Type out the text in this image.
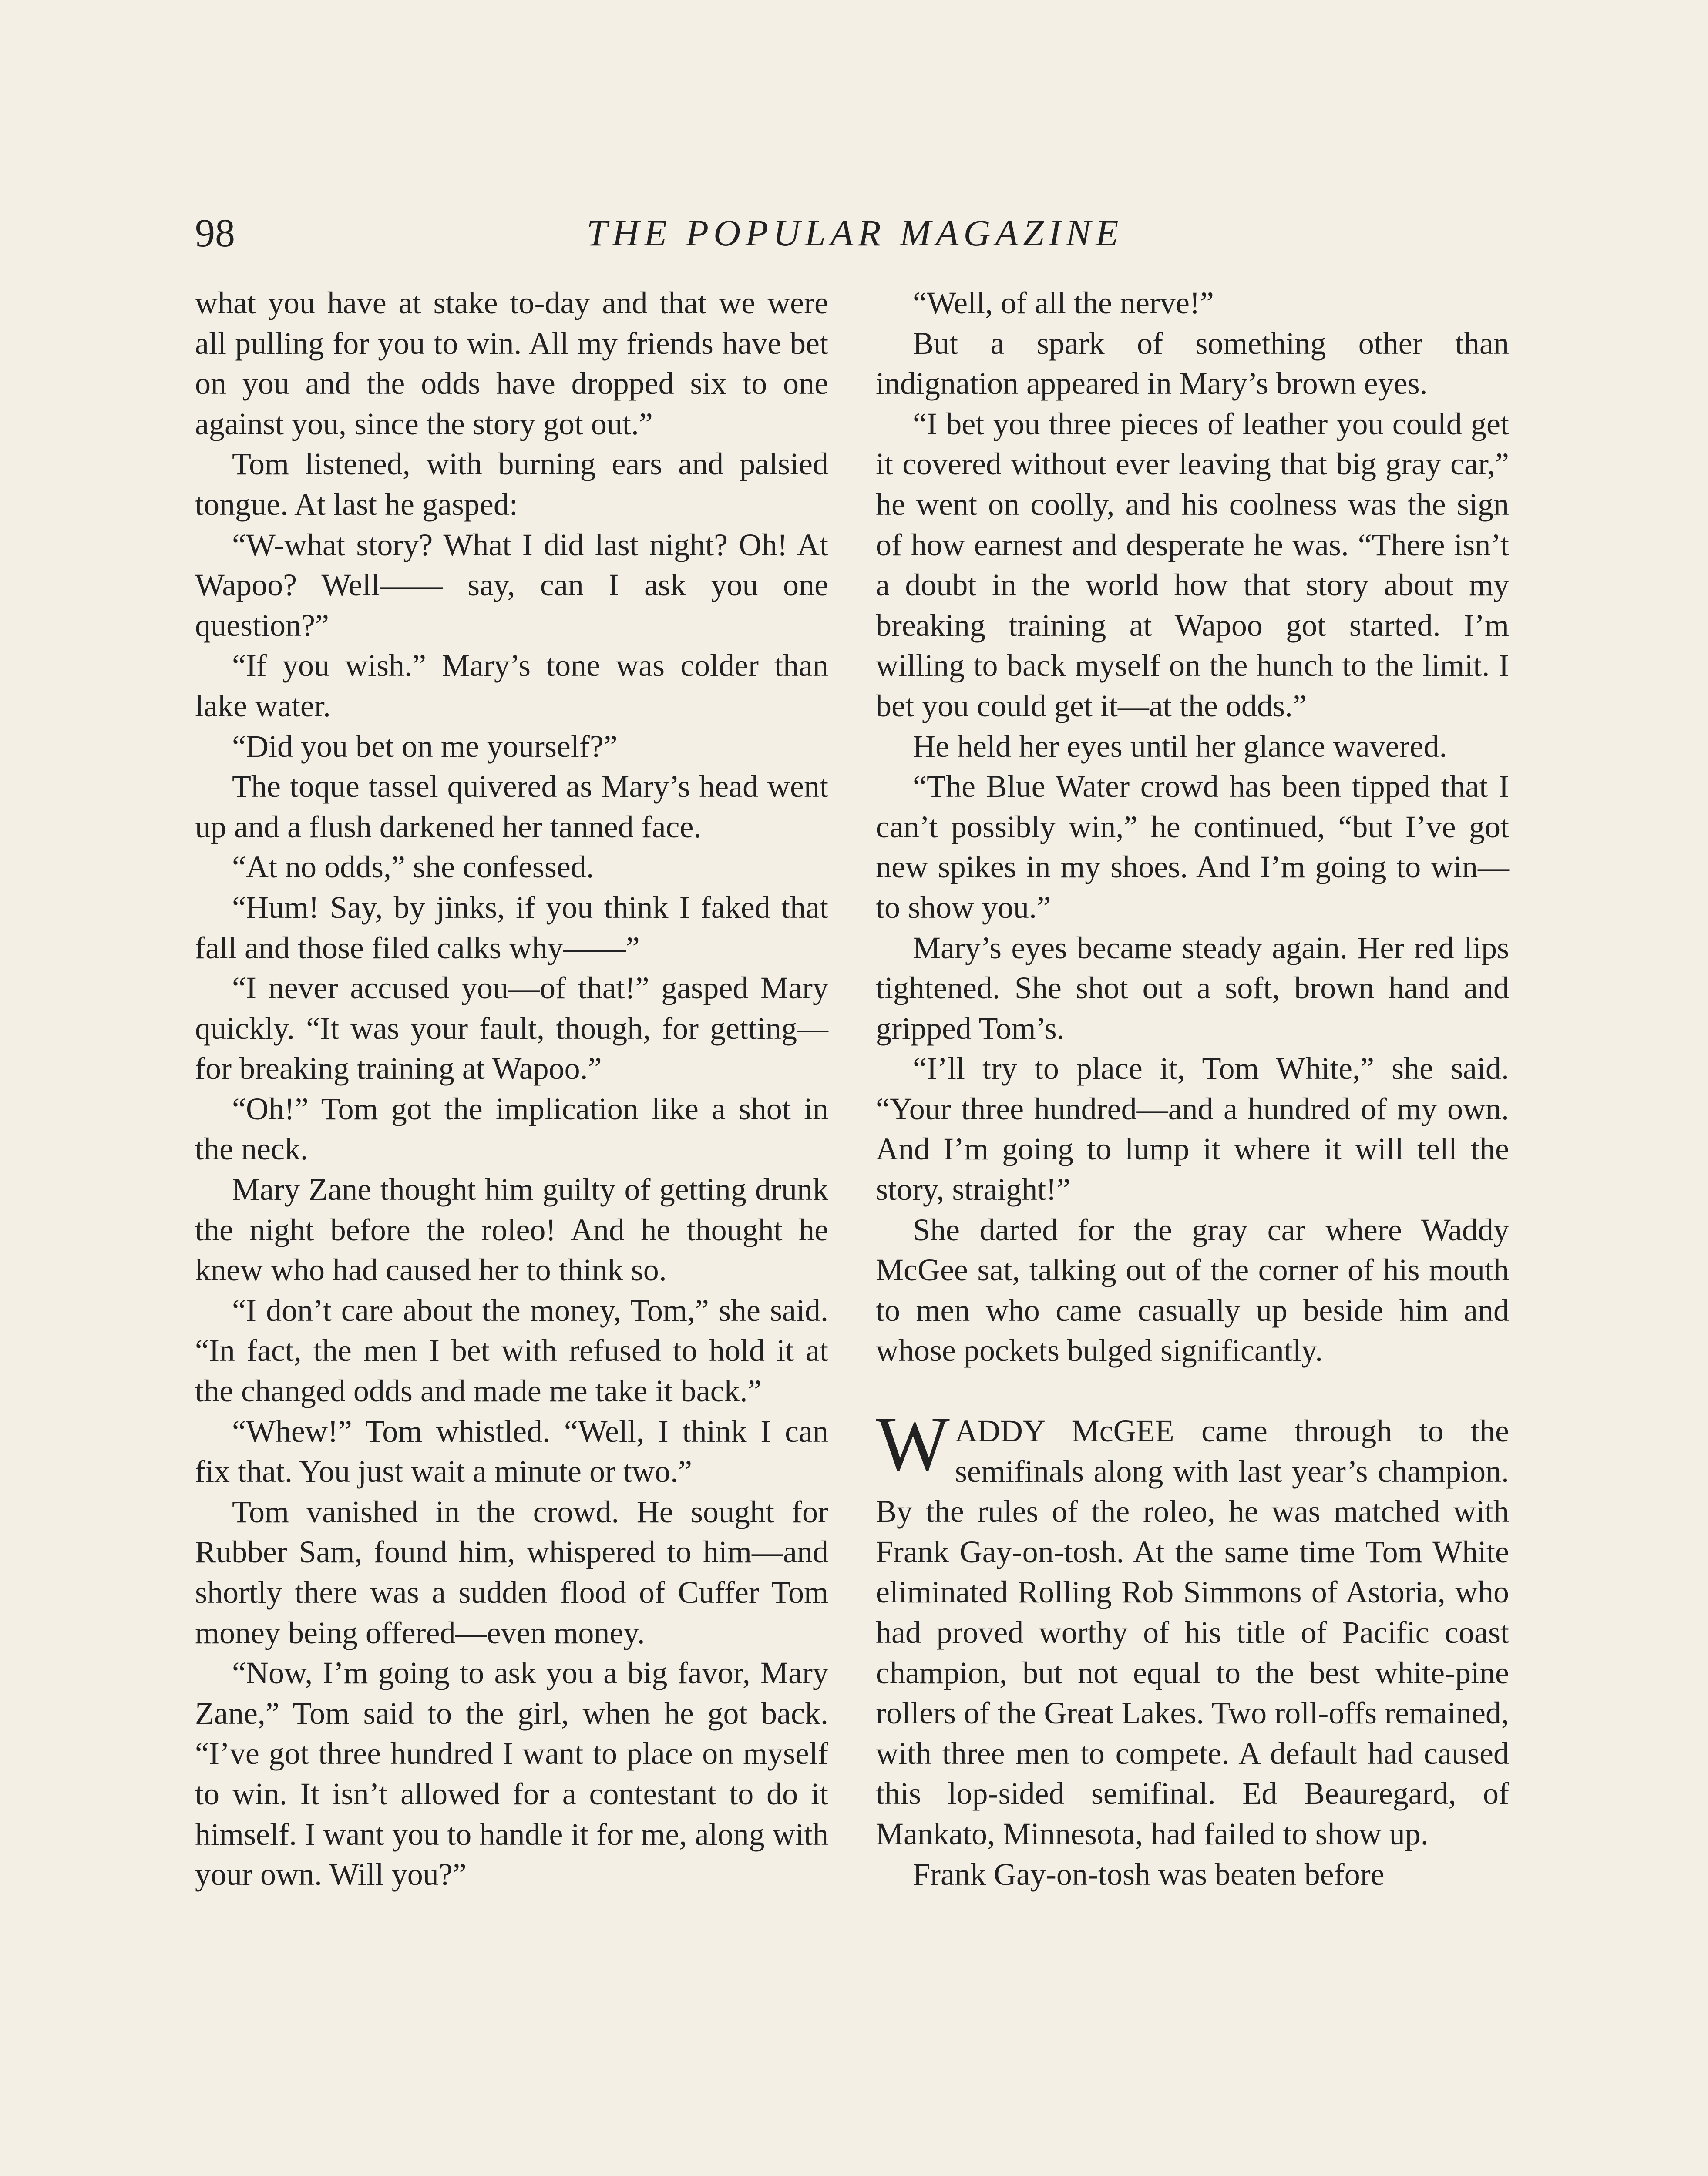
98	THE POPULAR MAGAZINE

what you have at stake to-day and that we were all pulling for you to win. All my friends have bet on you and the odds have dropped six to one against you, since the story got out.”

Tom listened, with burning ears and palsied tongue. At last he gasped:

“W-what story? What I did last night? Oh! At Wapoo? Well—— say, can I ask you one question?”

“If you wish.” Mary’s tone was colder than lake water.

“Did you bet on me yourself?”

The toque tassel quivered as Mary’s head went up and a flush darkened her tanned face.

“At no odds,” she confessed.

“Hum! Say, by jinks, if you think I faked that fall and those filed calks why——”

“I never accused you—of that!” gasped Mary quickly. “It was your fault, though, for getting—for breaking training at Wapoo.”

“Oh!” Tom got the implication like a shot in the neck.

Mary Zane thought him guilty of getting drunk the night before the roleo! And he thought he knew who had caused her to think so.

“I don’t care about the money, Tom,” she said. “In fact, the men I bet with refused to hold it at the changed odds and made me take it back.”

“Whew!” Tom whistled. “Well, I think I can fix that. You just wait a minute or two.”

Tom vanished in the crowd. He sought for Rubber Sam, found him, whispered to him—and shortly there was a sudden flood of Cuffer Tom money being offered—even money.

“Now, I’m going to ask you a big favor, Mary Zane,” Tom said to the girl, when he got back. “I’ve got three hundred I want to place on myself to win. It isn’t allowed for a contestant to do it himself. I want you to handle it for me, along with your own. Will you?”

“Well, of all the nerve!”

But a spark of something other than indignation appeared in Mary’s brown eyes.

“I bet you three pieces of leather you could get it covered without ever leaving that big gray car,” he went on coolly, and his coolness was the sign of how earnest and desperate he was. “There isn’t a doubt in the world how that story about my breaking training at Wapoo got started. I’m willing to back myself on the hunch to the limit. I bet you could get it—at the odds.”

He held her eyes until her glance wavered.

“The Blue Water crowd has been tipped that I can’t possibly win,” he continued, “but I’ve got new spikes in my shoes. And I’m going to win—to show you.”

Mary’s eyes became steady again. Her red lips tightened. She shot out a soft, brown hand and gripped Tom’s.

“I’ll try to place it, Tom White,” she said. “Your three hundred—and a hundred of my own. And I’m going to lump it where it will tell the story, straight!”

She darted for the gray car where Waddy McGee sat, talking out of the corner of his mouth to men who came casually up beside him and whose pockets bulged significantly.

WADDY McGEE came through to the semifinals along with last year’s champion. By the rules of the roleo, he was matched with Frank Gay-on-tosh. At the same time Tom White eliminated Rolling Rob Simmons of Astoria, who had proved worthy of his title of Pacific coast champion, but not equal to the best white-pine rollers of the Great Lakes. Two roll-offs remained, with three men to compete. A default had caused this lop-sided semifinal. Ed Beauregard, of Mankato, Minnesota, had failed to show up.

Frank Gay-on-tosh was beaten before
